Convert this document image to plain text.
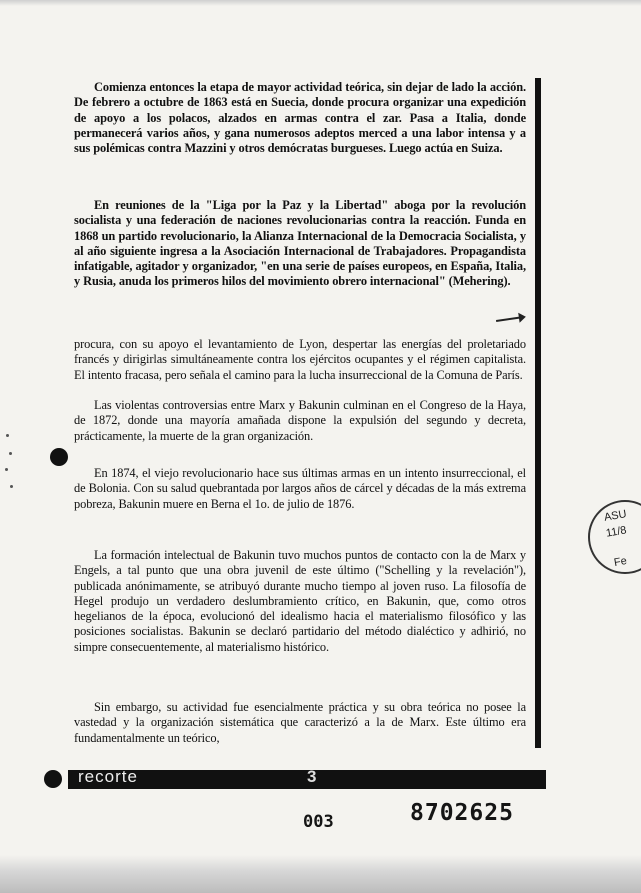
Comienza entonces la etapa de mayor actividad teórica, sin dejar de lado la acción. De febrero a octubre de 1863 está en Suecia, donde procura organizar una expedición de apoyo a los polacos, alzados en armas contra el zar. Pasa a Italia, donde permanecerá varios años, y gana numerosos adeptos merced a una labor intensa y a sus polémicas contra Mazzini y otros demócratas burgueses. Luego actúa en Suiza.

En reuniones de la "Liga por la Paz y la Libertad" aboga por la revolución socialista y una federación de naciones revolucionarias contra la reacción. Funda en 1868 un partido revolucionario, la Alianza Internacional de la Democracia Socialista, y al año siguiente ingresa a la Asociación Internacional de Trabajadores. Propagandista infatigable, agitador y organizador, "en una serie de países europeos, en España, Italia, y Rusia, anuda los primeros hilos del movimiento obrero internacional" (Mehering).

procura, con su apoyo el levantamiento de Lyon, despertar las energías del proletariado francés y dirigirlas simultáneamente contra los ejércitos ocupantes y el régimen capitalista. El intento fracasa, pero señala el camino para la lucha insurreccional de la Comuna de París.

Las violentas controversias entre Marx y Bakunin culminan en el Congreso de la Haya, de 1872, donde una mayoría amañada dispone la expulsión del segundo y decreta, prácticamente, la muerte de la gran organización.

En 1874, el viejo revolucionario hace sus últimas armas en un intento insurreccional, el de Bolonia. Con su salud quebrantada por largos años de cárcel y décadas de la más extrema pobreza, Bakunin muere en Berna el 1o. de julio de 1876.

La formación intelectual de Bakunin tuvo muchos puntos de contacto con la de Marx y Engels, a tal punto que una obra juvenil de este último ("Schelling y la revelación"), publicada anónimamente, se atribuyó durante mucho tiempo al joven ruso. La filosofía de Hegel produjo un verdadero deslumbramiento crítico, en Bakunin, que, como otros hegelianos de la época, evolucionó del idealismo hacia el materialismo filosófico y las posiciones socialistas. Bakunin se declaró partidario del método dialéctico y adhirió, no simpre consecuentemente, al materialismo histórico.

Sin embargo, su actividad fue esencialmente práctica y su obra teórica no posee la vastedad y la organización sistemática que caracterizó a la de Marx. Este último era fundamentalmente un teórico,

ASU
11/8
Fe
recorte	3
003	8702625
